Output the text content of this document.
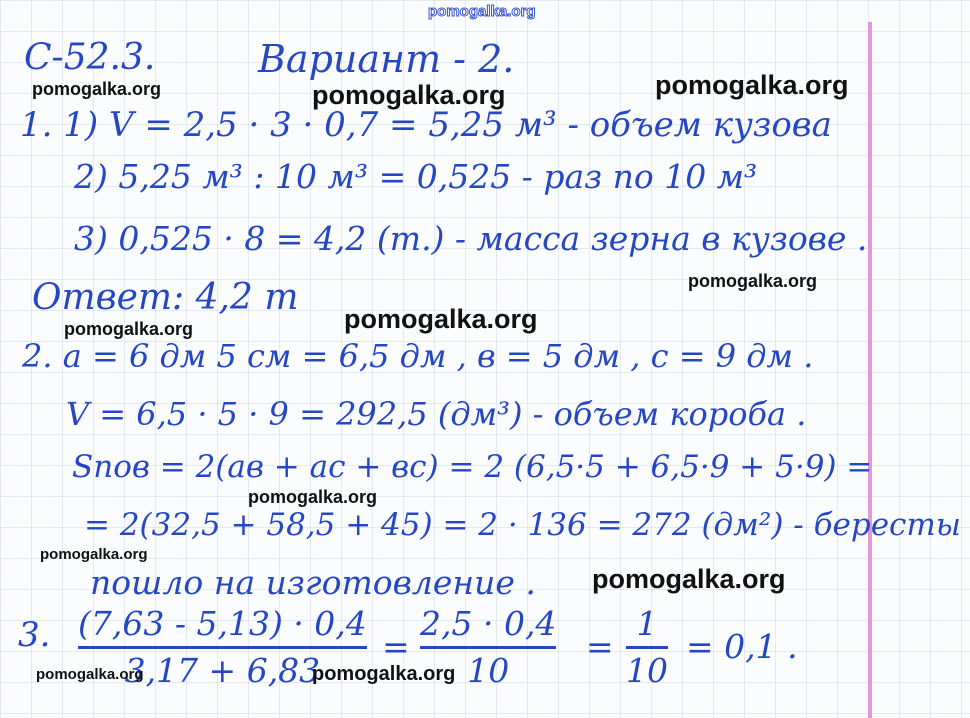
pomogalka.org
С-52.3.	Вариант - 2.
1. 1) V = 2,5 · 3 · 0,7 = 5,25 м³ - объем кузова
2) 5,25 м³ : 10 м³ = 0,525 - раз по 10 м³
3) 0,525 · 8 = 4,2 (т.) - масса зерна в кузове .
Ответ: 4,2 т
2. a = 6 дм 5 см = 6,5 дм , в = 5 дм , с = 9 дм .
V = 6,5 · 5 · 9 = 292,5 (дм³) - объем короба .
Sпов = 2(ав + ас + вс) = 2 (6,5·5 + 6,5·9 + 5·9) =
= 2(32,5 + 58,5 + 45) = 2 · 136 = 272 (дм²) - бересты
пошло на изготовление .
3. (7,63 - 5,13) · 0,4
3,17 + 6,83
=
2,5 · 0,4
10
=
1
10
= 0,1 .
pomogalka.org	pomogalka.org	pomogalka.org
pomogalka.org
pomogalka.org
pomogalka.org
pomogalka.org
pomogalka.org
pomogalka.org
pomogalka.org	pomogalka.org
